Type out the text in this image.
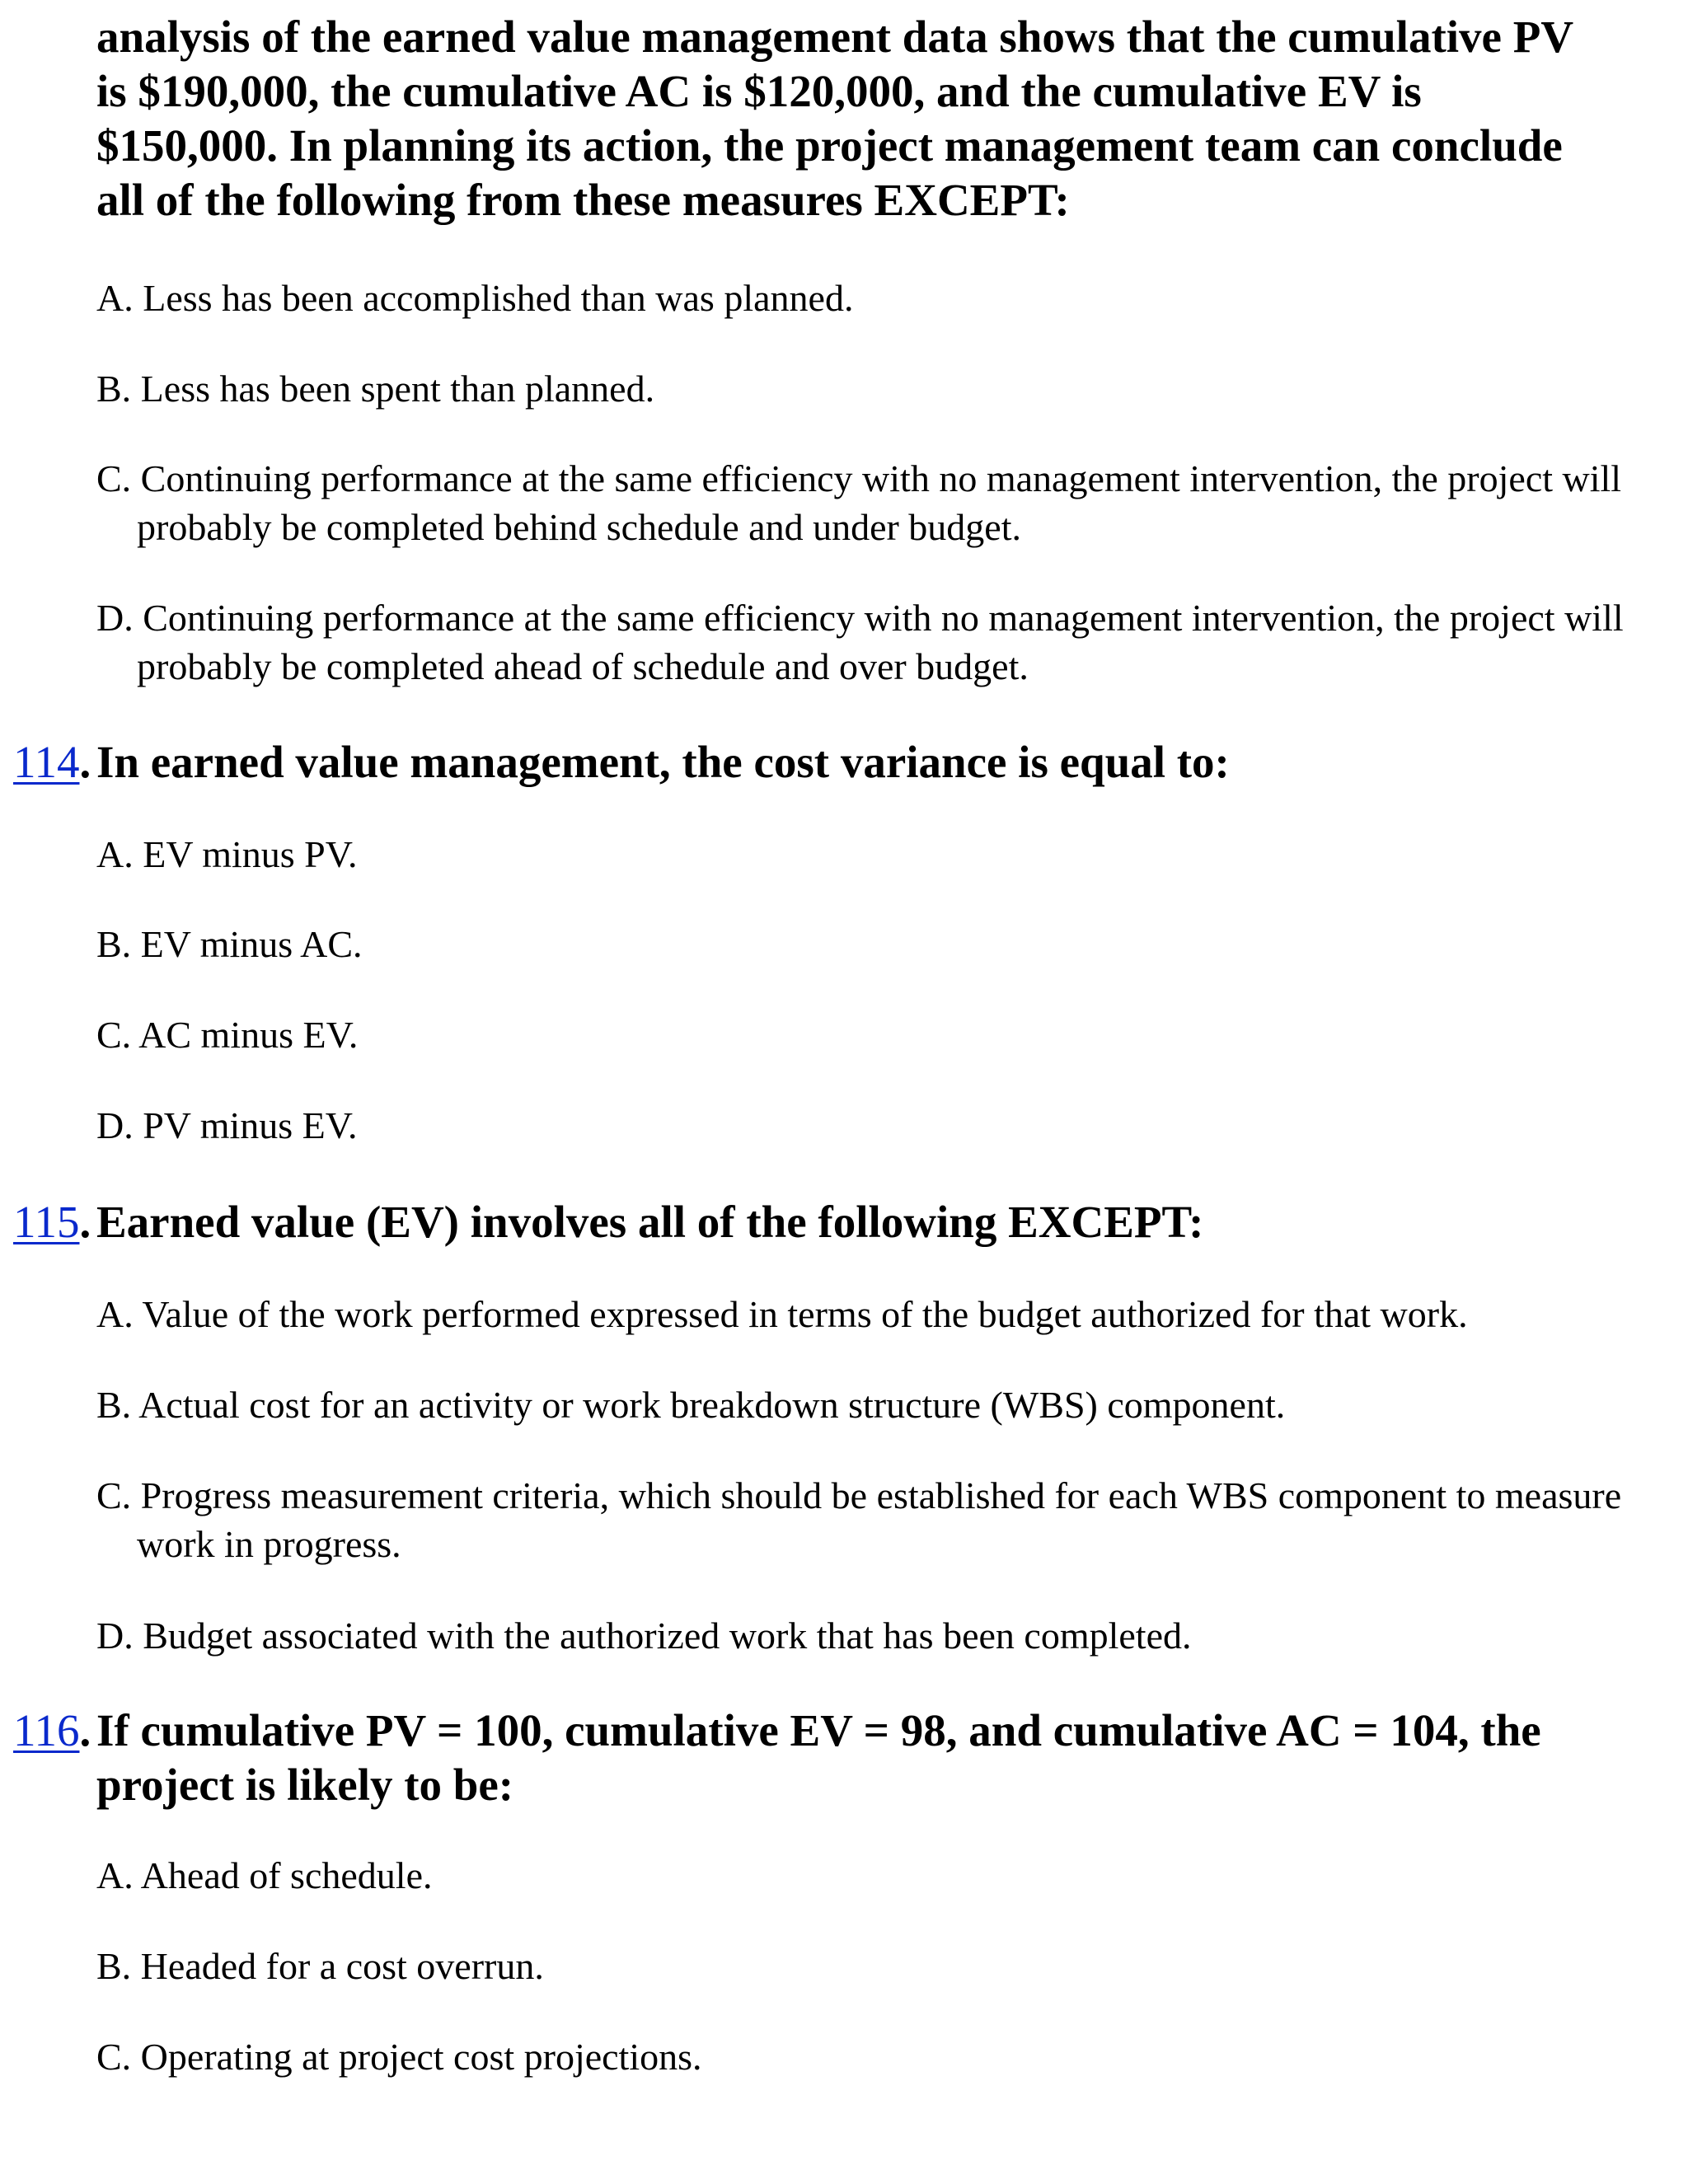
analysis of the earned value management data shows that the cumulative PV
is $190,000, the cumulative AC is $120,000, and the cumulative EV is
$150,000. In planning its action, the project management team can conclude
all of the following from these measures EXCEPT:

A. Less has been accomplished than was planned.

B. Less has been spent than planned.

C. Continuing performance at the same efficiency with no management intervention, the project will probably be completed behind schedule and under budget.

D. Continuing performance at the same efficiency with no management intervention, the project will probably be completed ahead of schedule and over budget.

114. In earned value management, the cost variance is equal to:

A. EV minus PV.

B. EV minus AC.

C. AC minus EV.

D. PV minus EV.

115. Earned value (EV) involves all of the following EXCEPT:

A. Value of the work performed expressed in terms of the budget authorized for that work.

B. Actual cost for an activity or work breakdown structure (WBS) component.

C. Progress measurement criteria, which should be established for each WBS component to measure work in progress.

D. Budget associated with the authorized work that has been completed.

116. If cumulative PV = 100, cumulative EV = 98, and cumulative AC = 104, the
project is likely to be:

A. Ahead of schedule.

B. Headed for a cost overrun.

C. Operating at project cost projections.
